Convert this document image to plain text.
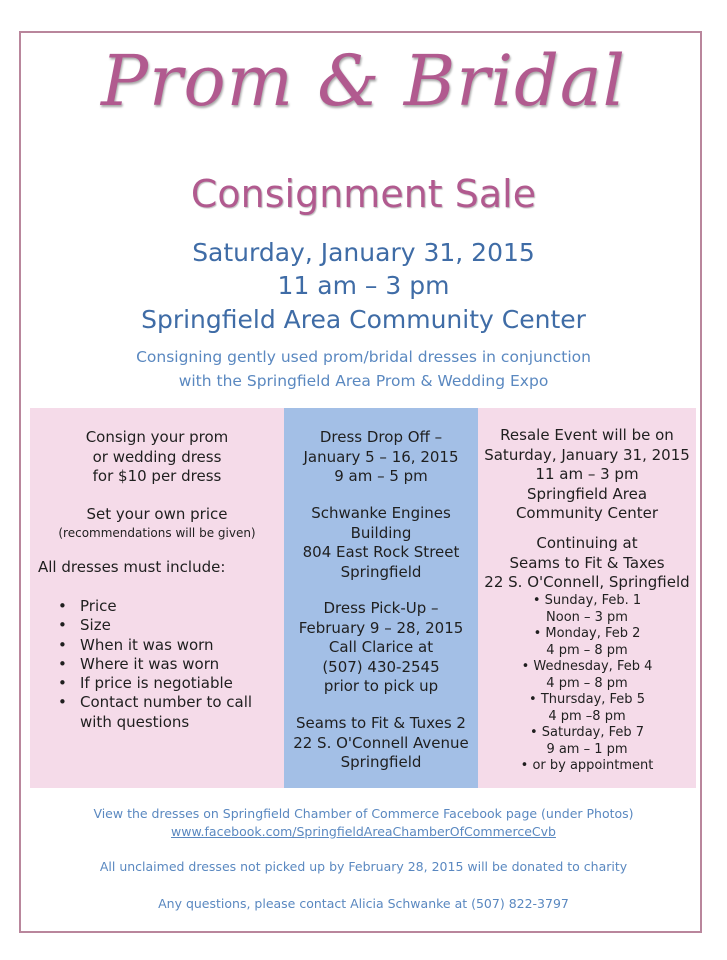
Prom & Bridal
Consignment Sale
Saturday, January 31, 2015
11 am – 3 pm
Springfield Area Community Center
Consigning gently used prom/bridal dresses in conjunction
with the Springfield Area Prom & Wedding Expo
Consign your prom
or wedding dress
for $10 per dress
Set your own price
(recommendations will be given)
All dresses must include:
• Price
• Size
• When it was worn
• Where it was worn
• If price is negotiable
• Contact number to call
with questions
Dress Drop Off –
January 5 – 16, 2015
9 am – 5 pm
Schwanke Engines
Building
804 East Rock Street
Springfield
Dress Pick-Up –
February 9 – 28, 2015
Call Clarice at
(507) 430-2545
prior to pick up
Seams to Fit & Tuxes 2
22 S. O'Connell Avenue
Springfield
Resale Event will be on
Saturday, January 31, 2015
11 am – 3 pm
Springfield Area
Community Center
Continuing at
Seams to Fit & Taxes
22 S. O'Connell, Springfield
• Sunday, Feb. 1
Noon – 3 pm
• Monday, Feb 2
4 pm – 8 pm
• Wednesday, Feb 4
4 pm – 8 pm
• Thursday, Feb 5
4 pm –8 pm
• Saturday, Feb 7
9 am – 1 pm
• or by appointment
View the dresses on Springfield Chamber of Commerce Facebook page (under Photos)
www.facebook.com/SpringfieldAreaChamberOfCommerceCvb
All unclaimed dresses not picked up by February 28, 2015 will be donated to charity
Any questions, please contact Alicia Schwanke at (507) 822-3797
